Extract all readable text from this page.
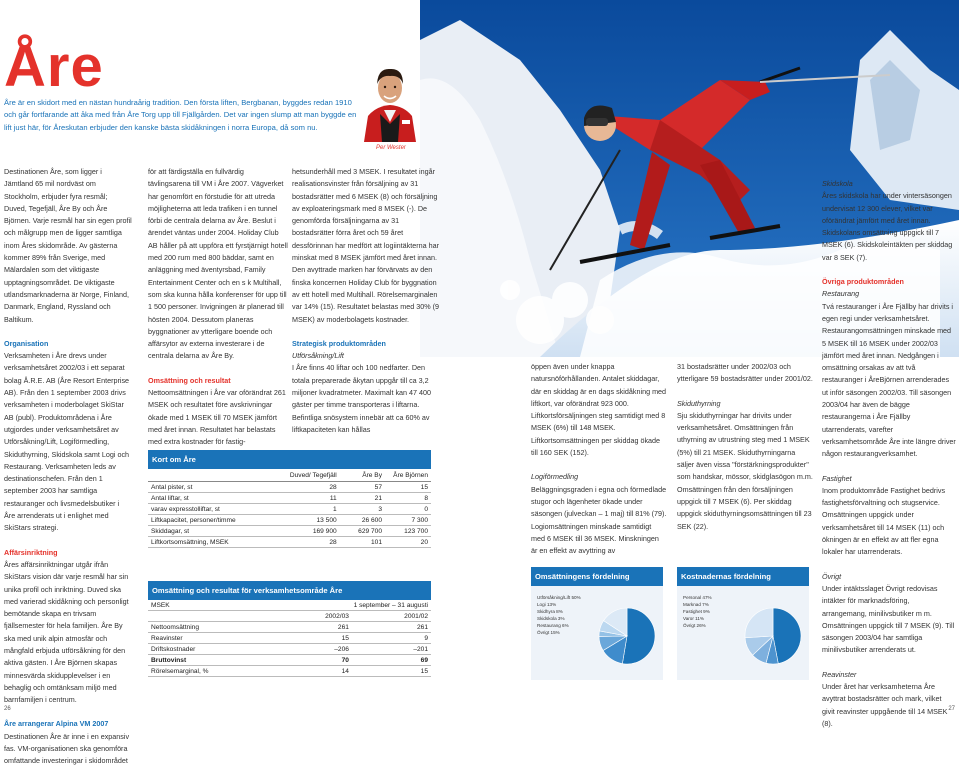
Åre
Åre är en skidort med en nästan hundraårig tradition. Den första liften, Bergbanan, byggdes redan 1910 och går fortfarande att åka med från Åre Torg upp till Fjällgården. Det var ingen slump att man byggde en lift just här, för Åreskutan erbjuder den kanske bästa skidåkningen i norra Europa, då som nu.
Per Wester

Destinationen Åre, som ligger i Jämtland 65 mil nordväst om Stockholm, erbjuder fyra resmål; Duved, Tegefjäll, Åre By och Åre Björnen. Varje resmål har sin egen profil och målgrupp men de ligger samtliga inom Åres skidområde. Av gästerna kommer 89% från Sverige, med Mälardalen som det viktigaste upptagningsområdet. De viktigaste utlandsmarknaderna är Norge, Finland, Danmark, England, Ryssland och Baltikum.

Organisation

Verksamheten i Åre drevs under verksamhetsåret 2002/03 i ett separat bolag Å.R.E. AB (Åre Resort Enterprise AB). Från den 1 september 2003 drivs verksamheten i moderbolaget SkiStar AB (publ). Produktområdena i Åre utgjordes under verksamhetsåret av Utförsåkning/Lift, Logiförmedling, Skiduthyrning, Skidskola samt Logi och Restaurang. Verksamheten leds av destinationschefen. Från den 1 september 2003 har samtliga restauranger och livsmedelsbutiker i Åre arrenderats ut i enlighet med SkiStars strategi.

Affärsinriktning

Åres affärsinriktningar utgår ifrån SkiStars vision där varje resmål har sin unika profil och inriktning. Duved ska med varierad skidåkning och personligt bemötande skapa en trivsam fjällsemester för hela familjen. Åre By ska med unik alpin atmosfär och mångfald erbjuda utförsåkning för den aktiva gästen. I Åre Björnen skapas minnesvärda skidupplevelser i en behaglig och omtänksam miljö med barnfamiljen i centrum.

Åre arrangerar Alpina VM 2007

Destinationen Åre är inne i en expansiv fas. VM-organisationen ska genomföra omfattande investeringar i skidområdet

för att färdigställa en fullvärdig tävlingsarena till VM i Åre 2007. Vägverket har genomfört en förstudie för att utreda möjligheterna att leda trafiken i en tunnel förbi de centrala delarna av Åre. Beslut i ärendet väntas under 2004. Holiday Club AB håller på att uppföra ett fyrstjärnigt hotell med 200 rum med 800 bäddar, samt en anläggning med äventyrsbad, Family Entertainment Center och en s k Multihall, som ska kunna hålla konferenser för upp till 1 500 personer. Invigningen är planerad till hösten 2004. Dessutom planeras byggnationer av ytterligare boende och affärsytor av externa investerare i de centrala delarna av Åre By.

Omsättning och resultat

Nettoomsättningen i Åre var oförändrat 261 MSEK och resultatet före avskrivningar ökade med 1 MSEK till 70 MSEK jämfört med året innan. Resultatet har belastats med extra kostnader för fastig-

hetsunderhåll med 3 MSEK. I resultatet ingår realisationsvinster från försäljning av 31 bostadsrätter med 6 MSEK (8) och försäljning av exploateringsmark med 8 MSEK (-). De genomförda försäljningarna av 31 bostadsrätter förra året och 59 året dessförinnan har medfört att logiintäkterna har minskat med 8 MSEK jämfört med året innan. Den avyttrade marken har förvärvats av den finska koncernen Holiday Club för byggnation av ett hotell med Multihall. Rörelsemarginalen var 14% (15). Resultatet belastas med 30% (9 MSEK) av moderbolagets kostnader.

Strategisk produktområden

Utförsåkning/Lift

I Åre finns 40 liftar och 100 nedfarter. Den totala preparerade åkytan uppgår till ca 3,2 miljoner kvadratmeter. Maximalt kan 47 400 gäster per timme transporteras i liftarna. Befintliga snösystem innebär att ca 60% av liftkapaciteten kan hållas

öppen även under knappa natursnöförhållanden. Antalet skiddagar, där en skiddag är en dags skidåkning med liftkort, var oförändrat 923 000. Liftkortsförsäljningen steg samtidigt med 8 MSEK (6%) till 148 MSEK. Liftkortsomsättningen per skiddag ökade till 160 SEK (152).

Logiförmedling

Beläggningsgraden i egna och förmedlade stugor och lägenheter ökade under säsongen (julveckan – 1 maj) till 81% (79). Logiomsättningen minskade samtidigt med 6 MSEK till 36 MSEK. Minskningen är en effekt av avyttring av

31 bostadsrätter under 2002/03 och ytterligare 59 bostadsrätter under 2001/02.

Skiduthyrning

Sju skiduthyrningar har drivits under verksamhetsåret. Omsättningen från uthyrning av utrustning steg med 1 MSEK (5%) till 21 MSEK. Skiduthyrningarna säljer även vissa "förstärkningsprodukter" som handskar, mössor, skidglasögon m.m. Omsättningen från den försäljningen uppgick till 7 MSEK (6). Per skiddag uppgick skiduthyrningsomsättningen till 23 SEK (22).

Skidskola

Åres skidskola har under vintersäsongen undervisat 12 300 elever, vilket var oförändrat jämfört med året innan. Skidskolans omsättning uppgick till 7 MSEK (6). Skidskoleintäkten per skiddag var 8 SEK (7).

Övriga produktområden

Restaurang

Tvá restauranger i Åre Fjällby har drivits i egen regi under verksamhetsåret. Restaurangomsättningen minskade med 5 MSEK till 16 MSEK under 2002/03 jämfört med året innan. Nedgången i omsättning orsakas av att två restauranger i ÅreBjörnen arrenderades ut inför säsongen 2002/03. Till säsongen 2003/04 har även de bägge restaurangerna i Åre Fjällby utarrenderats, varefter verksamhetsområde Åre inte längre driver någon restaurangverksamhet.

Fastighet

Inom produktområde Fastighet bedrivs fastighetsförvaltning och stugservice. Omsättningen uppgick under verksamhetsåret till 14 MSEK (11) och ökningen är en effekt av att fler egna lokaler har utarrenderats.

Övrigt

Under intäktsslaget Övrigt redovisas intäkter för marknadsföring, arrangemang, minilivsbutiker m m. Omsättningen uppgick till 7 MSEK (9). Till säsongen 2003/04 har samtliga minilivsbutiker arrenderats ut.

Reavinster

Under året har verksamheterna Åre avyttrat bostadsrätter och mark, vilket givit reavinster uppgående till 14 MSEK (8).

Kort om Åre
	Duved/ Tegefjäll	Åre By	Åre Björnen
Antal pister, st	28	57	15
Antal liftar, st	11	21	8
varav expresstolliftar, st	1	3	0
Liftkapacitet, personer/timme	13 500	26 600	7 300
Skiddagar, st	169 900	629 700	123 700
Liftkortsomsättning, MSEK	28	101	20
Omsättning och resultat för verksamhetsområde Åre
MSEK	1 september – 31 augusti	
	2002/03	2001/02
Nettoomsättning	261	261
Reavinster	15	9
Driftskostnader	–206	–201
Bruttovinst	70	69
Rörelsemarginal, %	14	15
Omsättningens fördelning
Utförsåkning/Lift 50%
Logi 13%
Skidhyra 8%
Skidskola 3%
Restaurang 6%
Övrigt 15%
Kostnadernas fördelning
Personal 47%
Marknad 7%
Fastighet 9%
Varor 11%
Övrigt 26%
26	27
